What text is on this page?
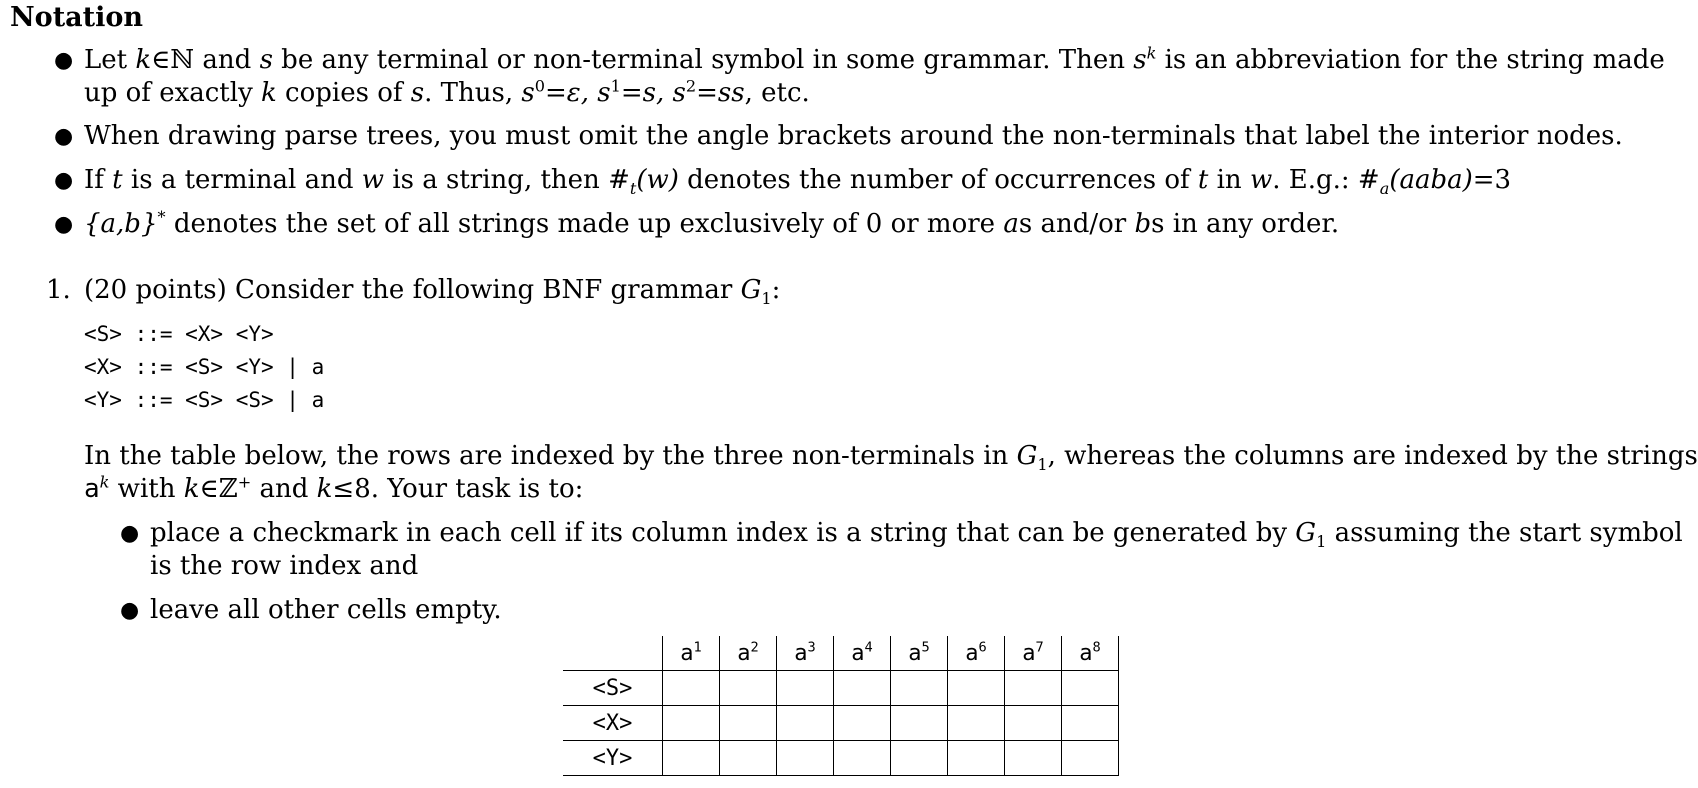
Notation
● Let k∈ℕ and s be any terminal or non-terminal symbol in some grammar. Then $s^k$ is an abbreviation for the string made
up of exactly k copies of s. Thus, $s^0=\varepsilon$, $s^1=s$, $s^2=ss$, etc.
● When drawing parse trees, you must omit the angle brackets around the non-terminals that label the interior nodes.
● If t is a terminal and w is a string, then $\#_t(w)$ denotes the number of occurrences of t in w. E.g.: $\#_a(aaba)=3$
● {a,b}* denotes the set of all strings made up exclusively of 0 or more as and/or bs in any order.
1. (20 points) Consider the following BNF grammar $G_1$:
<S> ::= <X> <Y>
<X> ::= <S> <Y> | a
<Y> ::= <S> <S> | a
In the table below, the rows are indexed by the three non-terminals in $G_1$, whereas the columns are indexed by the strings
$a^k$ with k∈ℤ+ and k≤8. Your task is to:
● place a checkmark in each cell if its column index is a string that can be generated by $G_1$ assuming the start symbol
is the row index and
● leave all other cells empty.
	$a^1$	$a^2$	$a^3$	$a^4$	$a^5$	$a^6$	$a^7$	$a^8$
<S>								
<X>								
<Y>								
